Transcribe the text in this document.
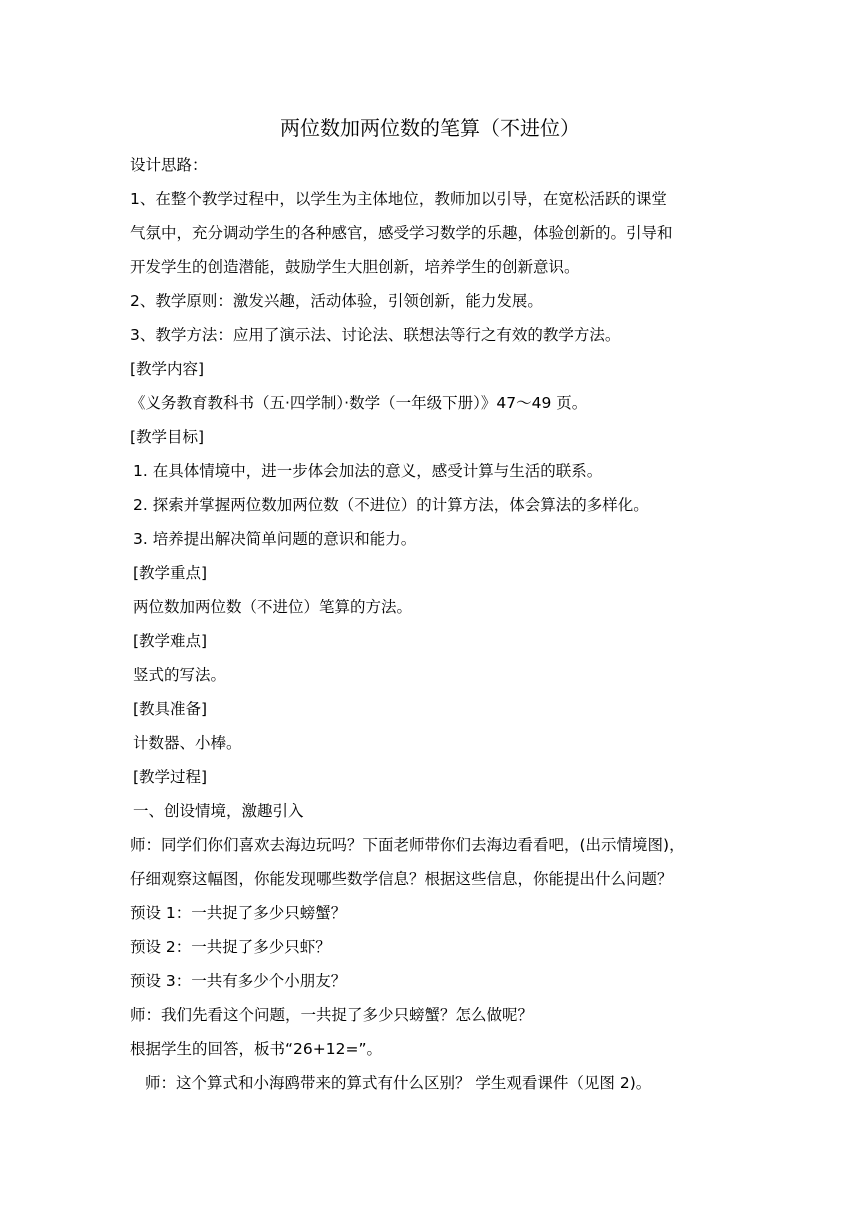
两位数加两位数的笔算（不进位）
设计思路：
1、在整个教学过程中，以学生为主体地位，教师加以引导，在宽松活跃的课堂
气氛中，充分调动学生的各种感官，感受学习数学的乐趣，体验创新的。引导和
开发学生的创造潜能，鼓励学生大胆创新，培养学生的创新意识。
2、教学原则：激发兴趣，活动体验，引领创新，能力发展。
3、教学方法：应用了演示法、讨论法、联想法等行之有效的教学方法。
[教学内容]
《义务教育教科书（五·四学制）·数学（一年级下册）》47～49 页。
[教学目标]
1. 在具体情境中，进一步体会加法的意义，感受计算与生活的联系。
2. 探索并掌握两位数加两位数（不进位）的计算方法，体会算法的多样化。
3. 培养提出解决简单问题的意识和能力。
[教学重点]
两位数加两位数（不进位）笔算的方法。
[教学难点]
竖式的写法。
[教具准备]
计数器、小棒。
[教学过程]
一、创设情境，激趣引入
师：同学们你们喜欢去海边玩吗？下面老师带你们去海边看看吧，(出示情境图)，
仔细观察这幅图，你能发现哪些数学信息？根据这些信息，你能提出什么问题？
预设 1：一共捉了多少只螃蟹？
预设 2：一共捉了多少只虾？
预设 3：一共有多少个小朋友？
师：我们先看这个问题，一共捉了多少只螃蟹？怎么做呢？
根据学生的回答，板书“26+12=”。
师：这个算式和小海鸥带来的算式有什么区别？ 学生观看课件（见图 2)。
